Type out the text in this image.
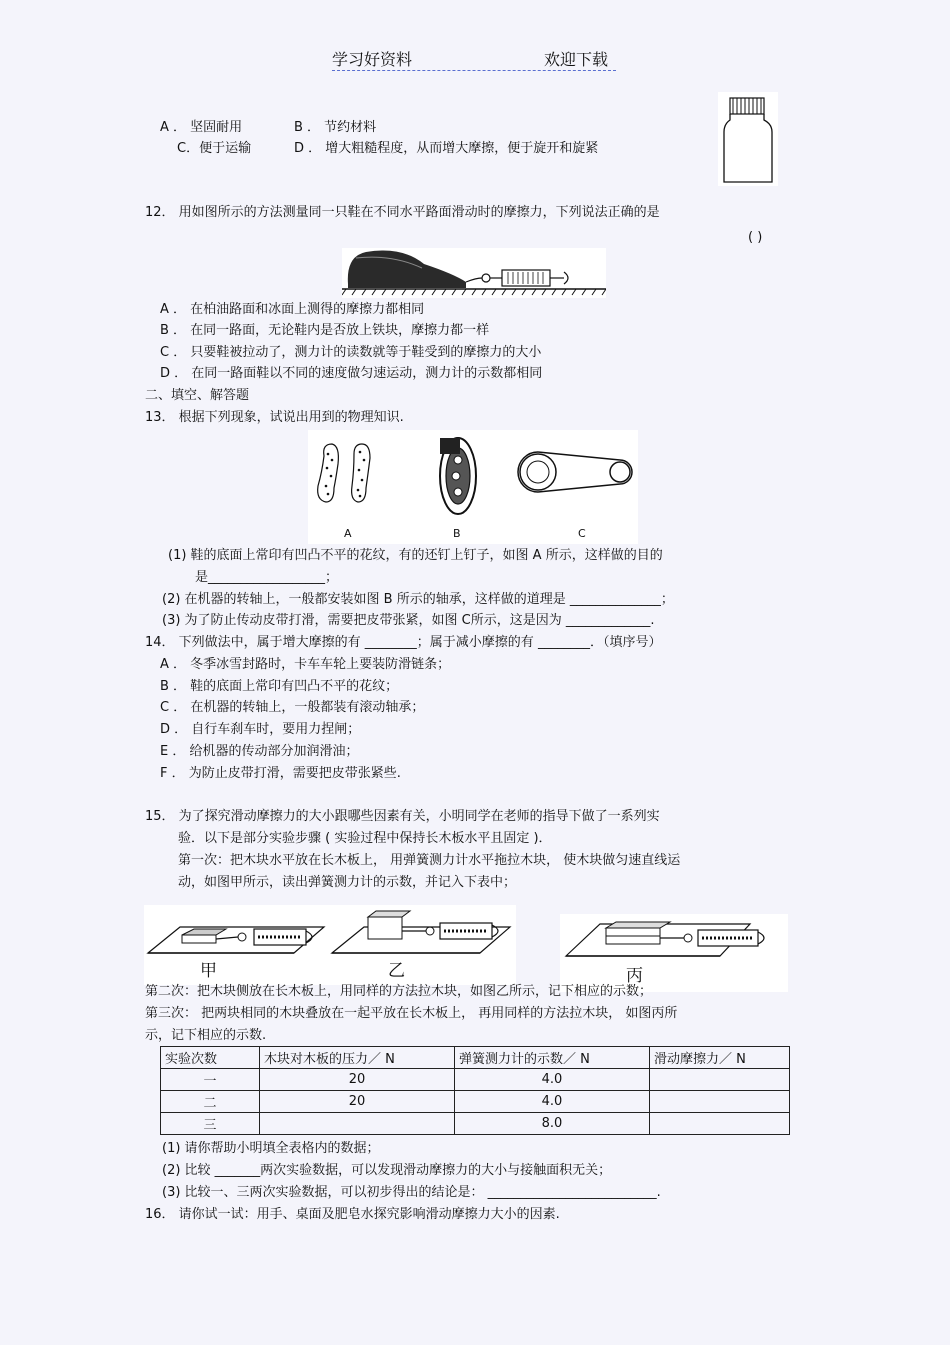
学习好资料	欢迎下载
A ． 坚固耐用	B ． 节约材料
C．便于运输	D ． 增大粗糙程度，从而增大摩擦，便于旋开和旋紧
12． 用如图所示的方法测量同一只鞋在不同水平路面滑动时的摩擦力，下列说法正确的是
( )
A ． 在柏油路面和冰面上测得的摩擦力都相同
B ． 在同一路面，无论鞋内是否放上铁块，摩擦力都一样
C ． 只要鞋被拉动了，测力计的读数就等于鞋受到的摩擦力的大小
D ． 在同一路面鞋以不同的速度做匀速运动，测力计的示数都相同
二、填空、解答题
13． 根据下列现象，试说出用到的物理知识.
A	B	C
(1) 鞋的底面上常印有凹凸不平的花纹，有的还钉上钉子，如图 A 所示，这样做的目的
是__________________；
(2) 在机器的转轴上，一般都安装如图 B 所示的轴承，这样做的道理是 ______________；
(3) 为了防止传动皮带打滑，需要把皮带张紧，如图 C所示，这是因为 _____________.
14． 下列做法中，属于增大摩擦的有 ________；属于减小摩擦的有 ________．（填序号）
A ． 冬季冰雪封路时，卡车车轮上要装防滑链条；
B ． 鞋的底面上常印有凹凸不平的花纹；
C ． 在机器的转轴上，一般都装有滚动轴承；
D ． 自行车刹车时，要用力捏闸；
E ． 给机器的传动部分加润滑油；
F ． 为防止皮带打滑，需要把皮带张紧些.
15． 为了探究滑动摩擦力的大小跟哪些因素有关，小明同学在老师的指导下做了一系列实
验．以下是部分实验步骤 ( 实验过程中保持长木板水平且固定 )．
第一次：把木块水平放在长木板上， 用弹簧测力计水平拖拉木块， 使木块做匀速直线运
动，如图甲所示，读出弹簧测力计的示数，并记入下表中；
甲	乙	丙
第二次：把木块侧放在长木板上，用同样的方法拉木块，如图乙所示，记下相应的示数；
第三次： 把两块相同的木块叠放在一起平放在长木板上， 再用同样的方法拉木块， 如图丙所
示，记下相应的示数.
实验次数	木块对木板的压力／ N	弹簧测力计的示数／ N	滑动摩擦力／ N
一	20	4.0	
二	20	4.0	
三		8.0	
(1) 请你帮助小明填全表格内的数据；
(2) 比较 _______两次实验数据，可以发现滑动摩擦力的大小与接触面积无关；
(3) 比较一、三两次实验数据，可以初步得出的结论是： __________________________.
16． 请你试一试：用手、桌面及肥皂水探究影响滑动摩擦力大小的因素.
